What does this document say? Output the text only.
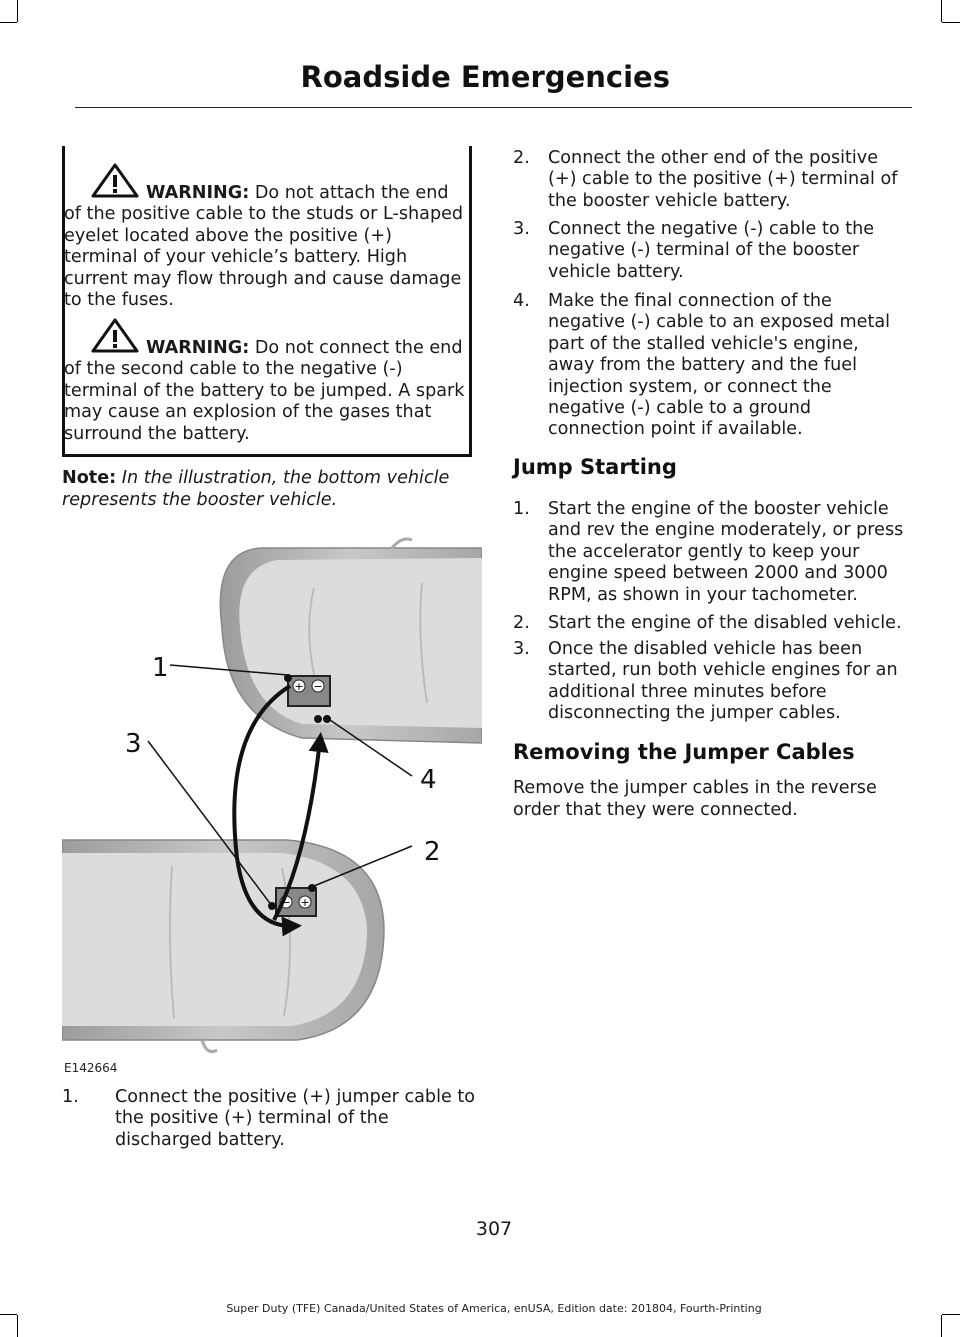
Roadside Emergencies
WARNING: Do not attach the end of the positive cable to the studs or L-shaped eyelet located above the positive (+) terminal of your vehicle’s battery. High current may flow through and cause damage to the fuses.
WARNING: Do not connect the end of the second cable to the negative (-) terminal of the battery to be jumped. A spark may cause an explosion of the gases that surround the battery.
Note: In the illustration, the bottom vehicle represents the booster vehicle.
+ −
− +
1
2
3
4
E142664
1. Connect the positive (+) jumper cable to the positive (+) terminal of the discharged battery.
2. Connect the other end of the positive (+) cable to the positive (+) terminal of the booster vehicle battery.
3. Connect the negative (-) cable to the negative (-) terminal of the booster vehicle battery.
4. Make the final connection of the negative (-) cable to an exposed metal part of the stalled vehicle's engine, away from the battery and the fuel injection system, or connect the negative (-) cable to a ground connection point if available.
Jump Starting
1. Start the engine of the booster vehicle and rev the engine moderately, or press the accelerator gently to keep your engine speed between 2000 and 3000 RPM, as shown in your tachometer.
2. Start the engine of the disabled vehicle.
3. Once the disabled vehicle has been started, run both vehicle engines for an additional three minutes before disconnecting the jumper cables.
Removing the Jumper Cables
Remove the jumper cables in the reverse order that they were connected.
307
Super Duty (TFE) Canada/United States of America, enUSA, Edition date: 201804, Fourth-Printing
